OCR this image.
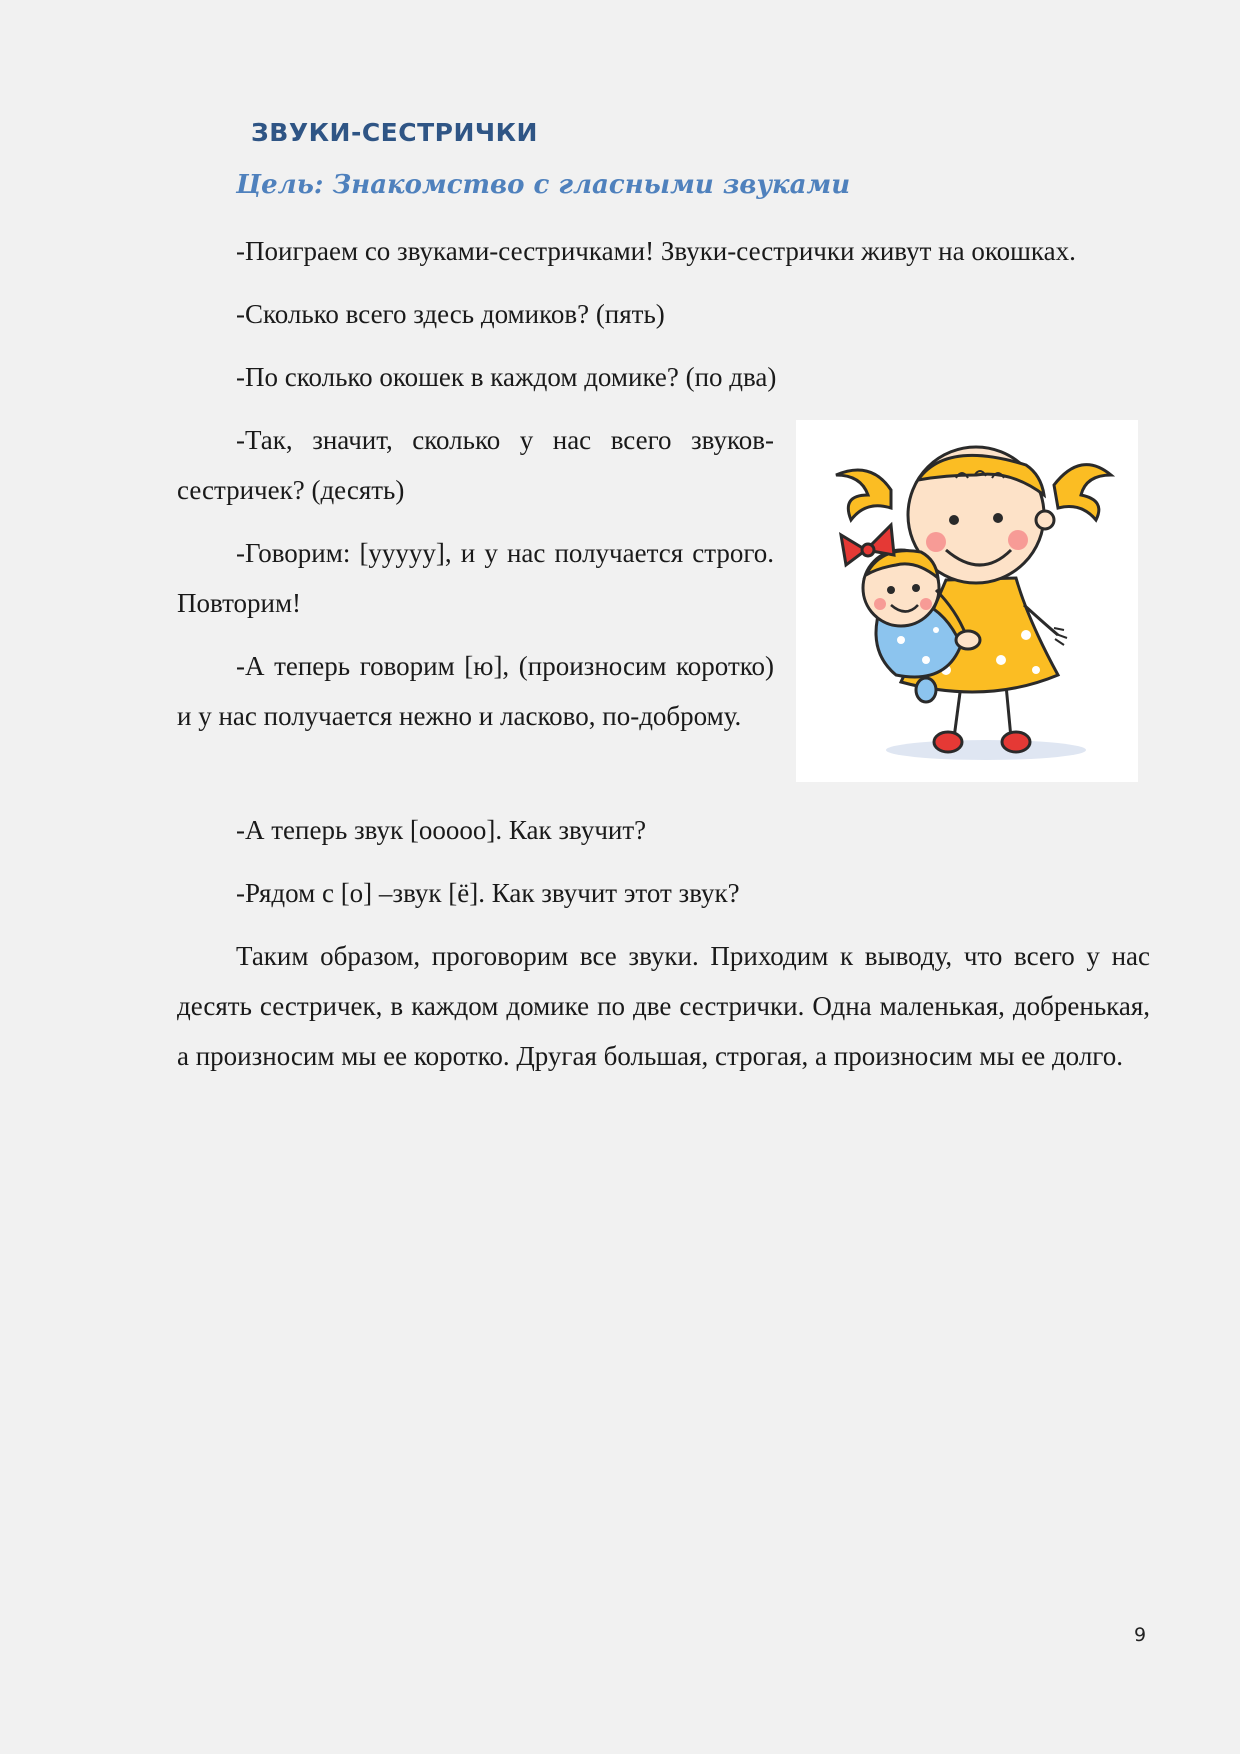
ЗВУКИ-СЕСТРИЧКИ

Цель: Знакомство с гласными звуками

-Поиграем со звуками-сестричками! Звуки-сестрички живут на окошках.

-Сколько всего здесь домиков? (пять)

-По сколько окошек в каждом домике? (по два)

-Так, значит, сколько у нас всего звуков-сестричек? (десять)

-Говорим: [ууууу], и у нас получается строго. Повторим!

-А теперь говорим [ю], (произносим коротко) и у нас получается нежно и ласково, по-доброму.

-А теперь звук [ооооо]. Как звучит?

-Рядом с [о] –звук [ё]. Как звучит этот звук?

Таким образом, проговорим все звуки. Приходим к выводу, что всего у нас десять сестричек, в каждом домике по две сестрички. Одна маленькая, добренькая, а произносим мы ее коротко. Другая большая, строгая, а произносим мы ее долго.

9
